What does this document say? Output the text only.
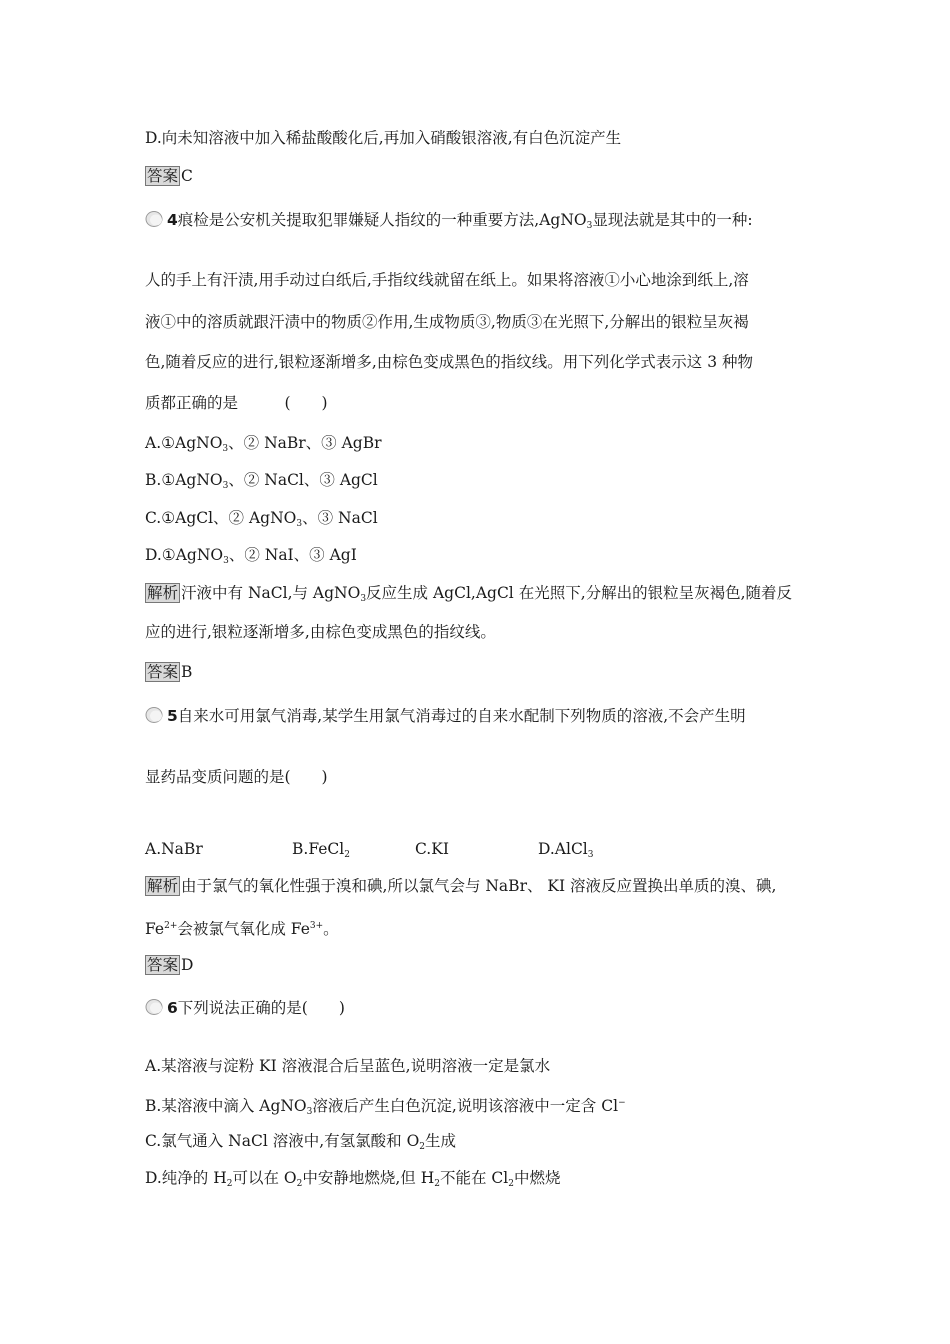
D.向未知溶液中加入稀盐酸酸化后,再加入硝酸银溶液,有白色沉淀产生
答案 C
4痕检是公安机关提取犯罪嫌疑人指纹的一种重要方法,AgNO$_3$显现法就是其中的一种:
人的手上有汗渍,用手动过白纸后,手指纹线就留在纸上。如果将溶液①小心地涂到纸上,溶
液①中的溶质就跟汗渍中的物质②作用,生成物质③,物质③在光照下,分解出的银粒呈灰褐
色,随着反应的进行,银粒逐渐增多,由棕色变成黑色的指纹线。用下列化学式表示这 3 种物
质都正确的是　　　(　　)
A.①AgNO$_3$、② NaBr、③ AgBr
B.①AgNO$_3$、② NaCl、③ AgCl
C.①AgCl、② AgNO$_3$、③ NaCl
D.①AgNO$_3$、② NaI、③ AgI
解析 汗液中有 NaCl,与 AgNO$_3$反应生成 AgCl,AgCl 在光照下,分解出的银粒呈灰褐色,随着反
应的进行,银粒逐渐增多,由棕色变成黑色的指纹线。
答案 B
5自来水可用氯气消毒,某学生用氯气消毒过的自来水配制下列物质的溶液,不会产生明
显药品变质问题的是(　　)
A.NaBr	B.FeCl$_2$	C.KI	D.AlCl$_3$
解析 由于氯气的氧化性强于溴和碘,所以氯气会与 NaBr、 KI 溶液反应置换出单质的溴、碘,
$Fe^{2+}$会被氯气氧化成 $Fe^{3+}$。
答案 D
6下列说法正确的是(　　)
A.某溶液与淀粉 KI 溶液混合后呈蓝色,说明溶液一定是氯水
B.某溶液中滴入 AgNO$_3$溶液后产生白色沉淀,说明该溶液中一定含 Cl−
C.氯气通入 NaCl 溶液中,有氢氯酸和 $O_2$生成
D.纯净的 $H_2$可以在 $O_2$中安静地燃烧,但 $H_2$不能在 $Cl_2$中燃烧
